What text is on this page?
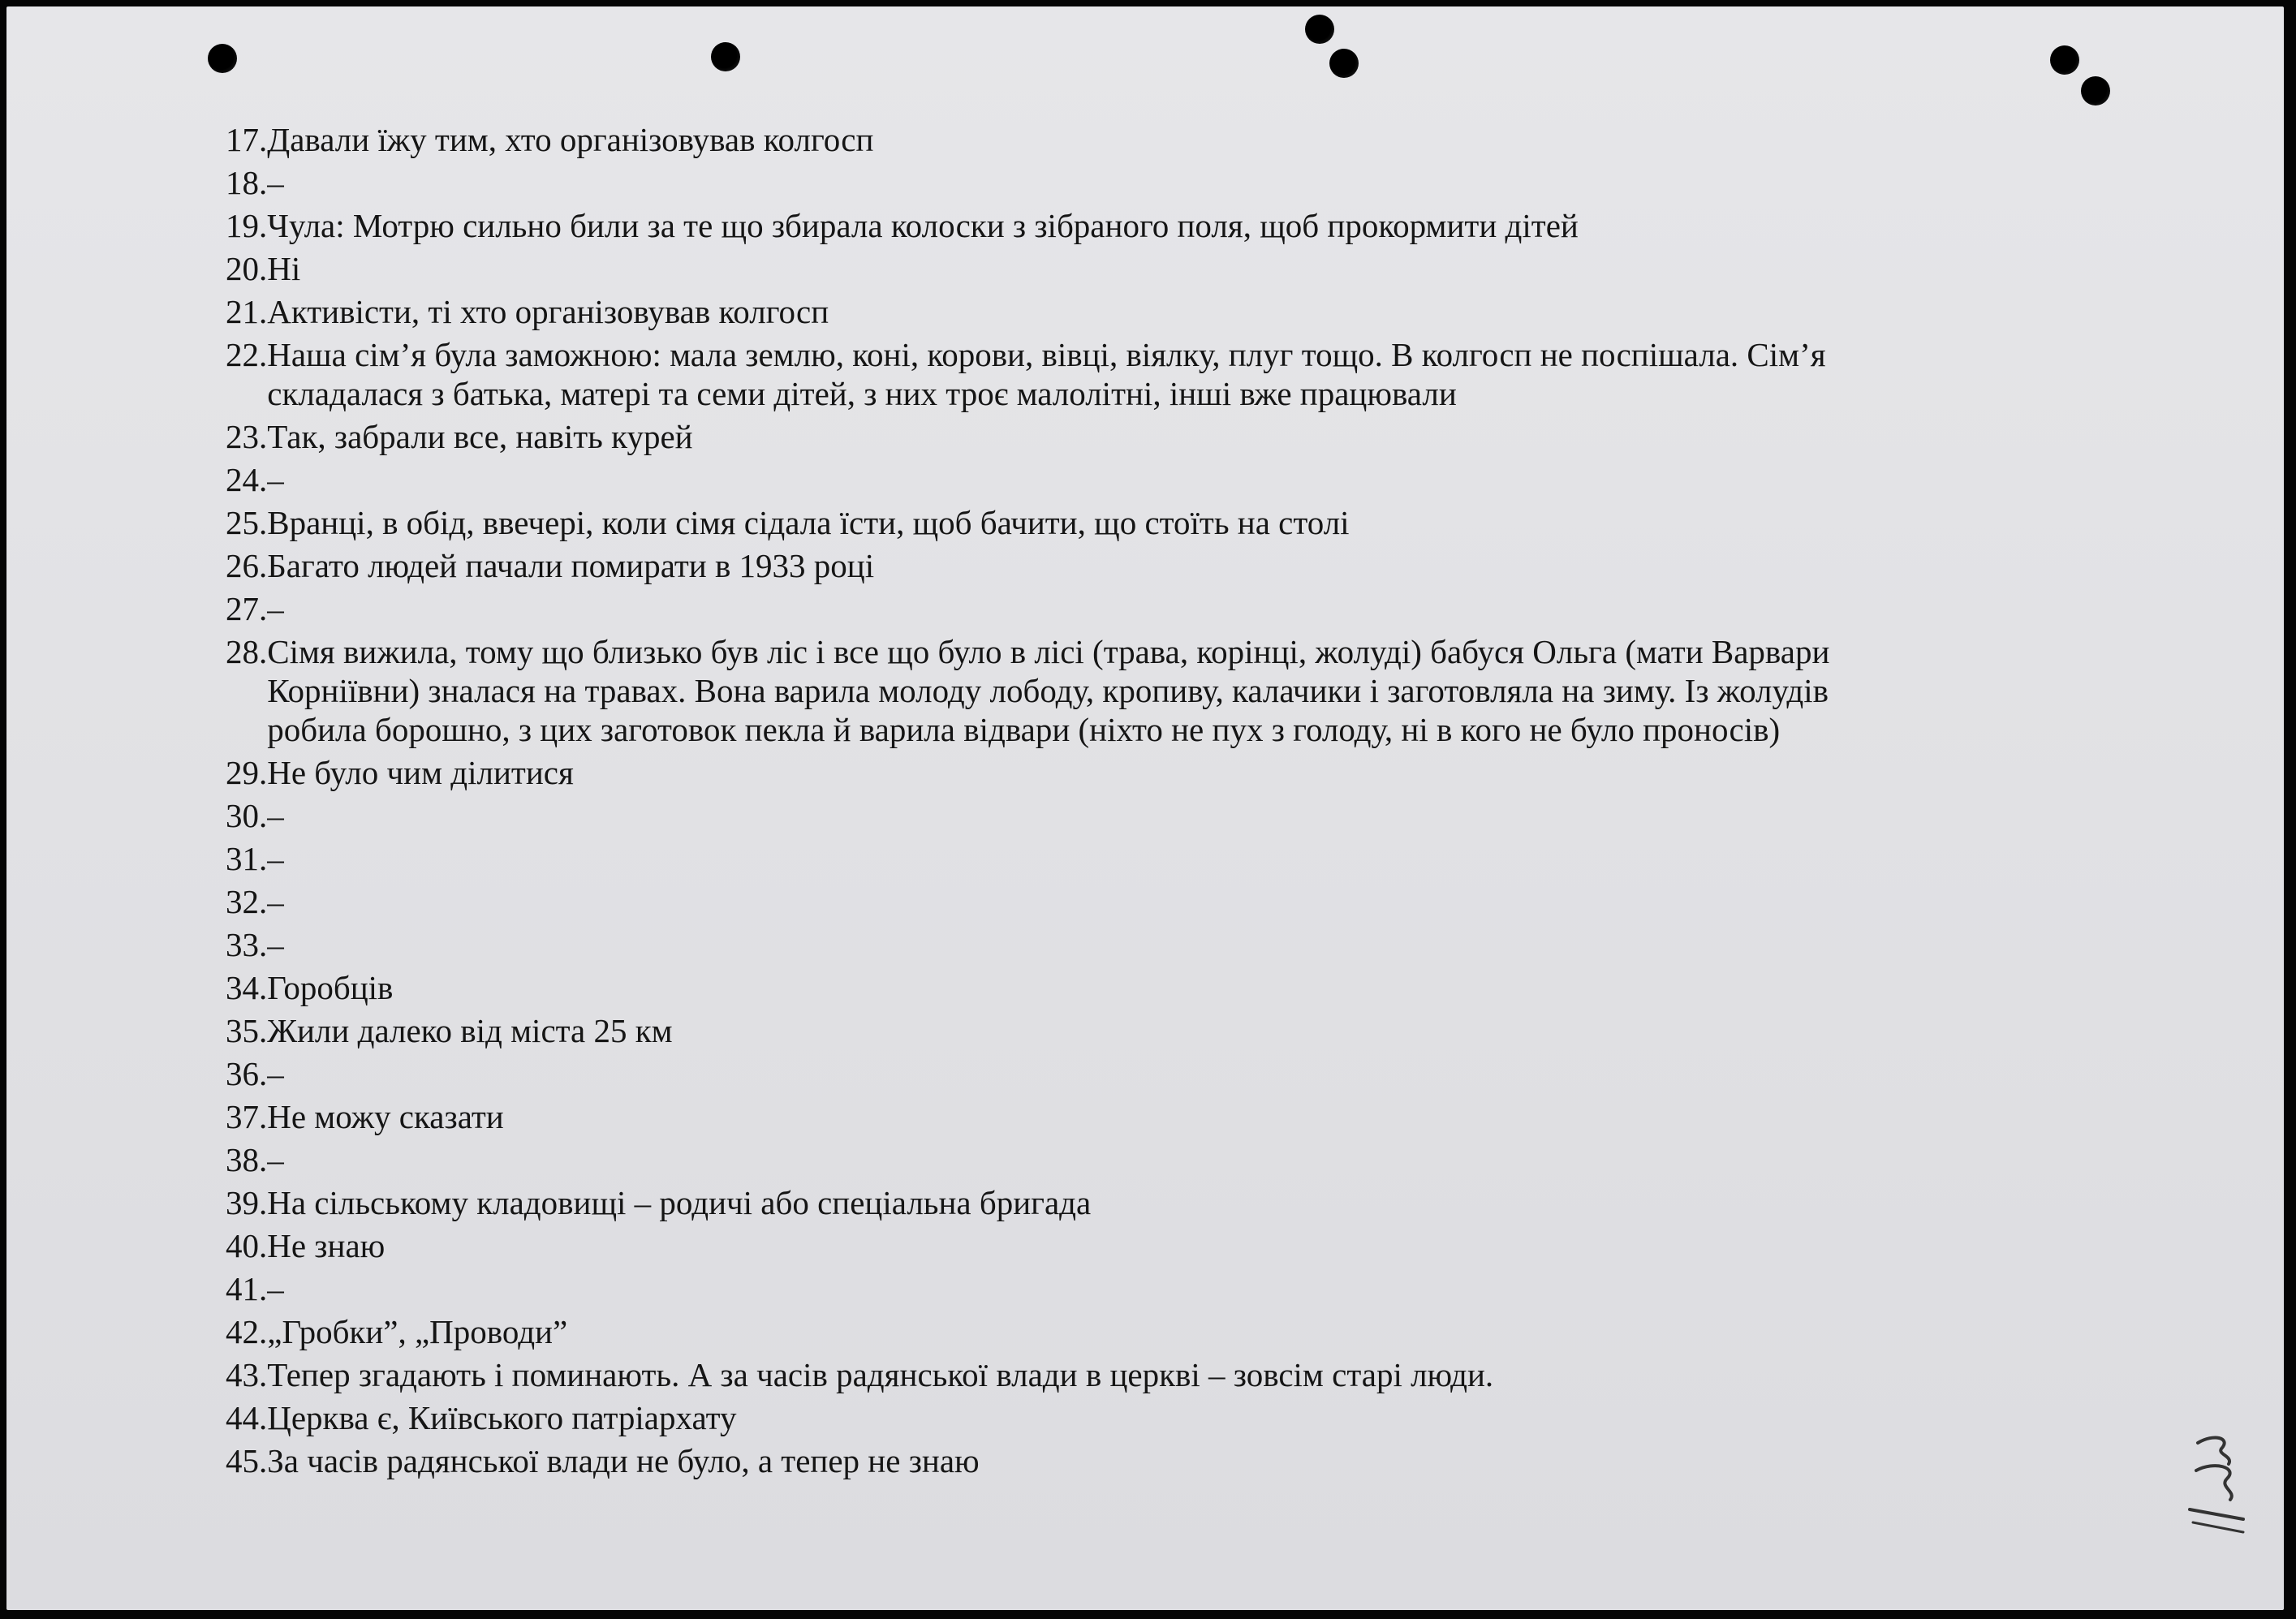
17. Давали їжу тим, хто організовував колгосп
18. –
19. Чула: Мотрю сильно били за те що збирала колоски з зібраного поля, щоб прокормити дітей
20. Ні
21. Активісти, ті хто організовував колгосп
22. Наша сім’я була заможною: мала землю, коні, корови, вівці, віялку, плуг тощо. В колгосп не поспішала. Сім’я
складалася з батька, матері та семи дітей, з них троє малолітні, інші вже працювали
23. Так, забрали все, навіть курей
24. –
25. Вранці, в обід, ввечері, коли сімя сідала їсти, щоб бачити, що стоїть на столі
26. Багато людей пачали помирати в 1933 році
27. –
28. Сімя вижила, тому що близько був ліс і все що було в лісі (трава, корінці, жолуді) бабуся Ольга (мати Варвари
Корніївни) зналася на травах. Вона варила молоду лободу, кропиву, калачики і заготовляла на зиму. Із жолудів
робила борошно, з цих заготовок пекла й варила відвари (ніхто не пух з голоду, ні в кого не було проносів)
29. Не було чим ділитися
30. –
31. –
32. –
33. –
34. Горобців
35. Жили далеко від міста 25 км
36. –
37. Не можу сказати
38. –
39. На сільському кладовищі – родичі або спеціальна бригада
40. Не знаю
41. –
42. „Гробки”, „Проводи”
43. Тепер згадають і поминають. А за часів радянської влади в церкві – зовсім старі люди.
44. Церква є, Київського патріархату
45. За часів радянської влади не було, а тепер не знаю
